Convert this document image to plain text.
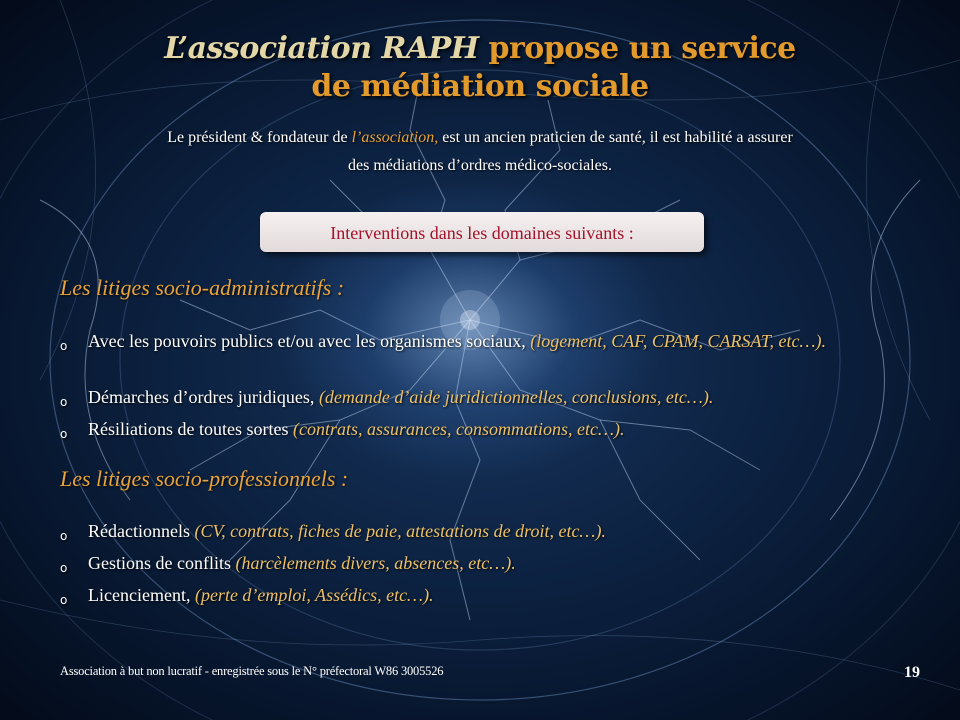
L’association RAPH propose un service
de médiation sociale
Le président & fondateur de l’association, est un ancien praticien de santé, il est habilité a assurer
des médiations d’ordres médico-sociales.
Interventions dans les domaines suivants :
Les litiges socio-administratifs :
o Avec les pouvoirs publics et/ou avec les organismes sociaux, (logement, CAF, CPAM, CARSAT, etc…).
o Démarches d’ordres juridiques, (demande d’aide juridictionnelles, conclusions, etc…).
o Résiliations de toutes sortes (contrats, assurances, consommations, etc…).
Les litiges socio-professionnels :
o Rédactionnels (CV, contrats, fiches de paie, attestations de droit, etc…).
o Gestions de conflits (harcèlements divers, absences, etc…).
o Licenciement, (perte d’emploi, Assédics, etc…).
Association à but non lucratif - enregistrée sous le N° préfectoral W86 3005526	19
